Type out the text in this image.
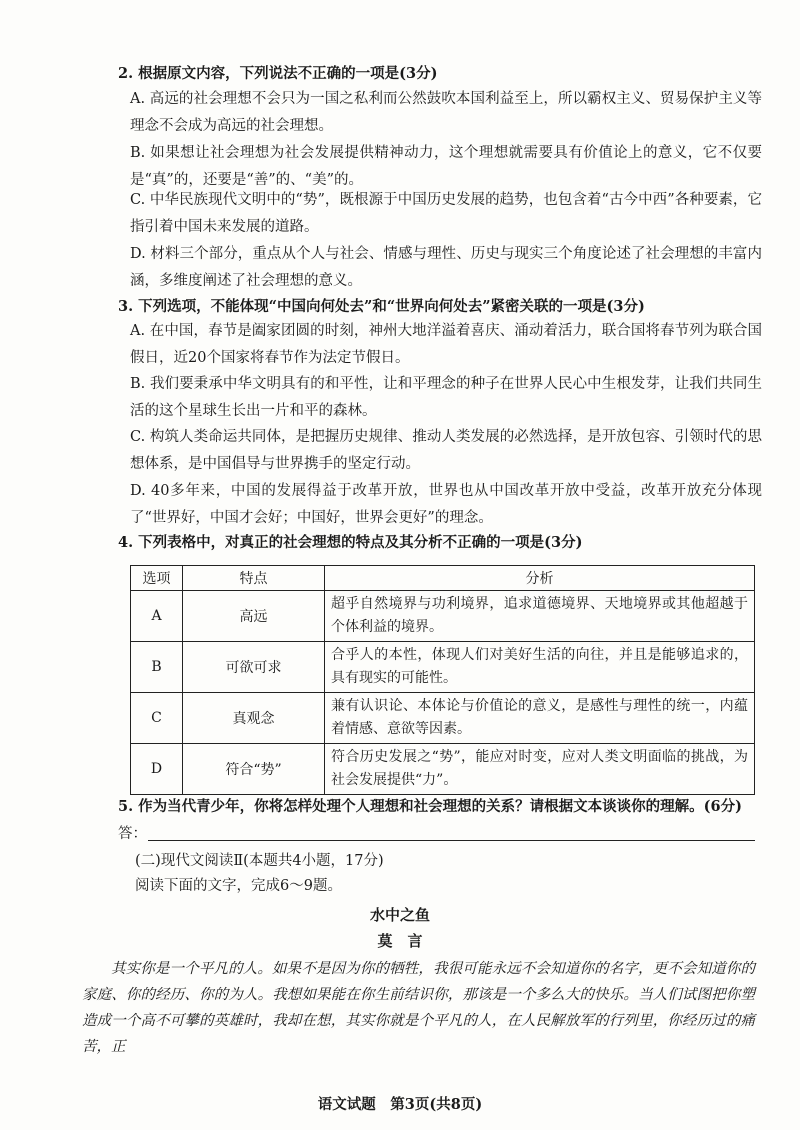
2. 根据原文内容，下列说法不正确的一项是(3分)
A. 高远的社会理想不会只为一国之私利而公然鼓吹本国利益至上，所以霸权主义、贸易保护主义等理念不会成为高远的社会理想。
B. 如果想让社会理想为社会发展提供精神动力，这个理想就需要具有价值论上的意义，它不仅要是“真”的，还要是“善”的、“美”的。
C. 中华民族现代文明中的“势”，既根源于中国历史发展的趋势，也包含着“古今中西”各种要素，它指引着中国未来发展的道路。
D. 材料三个部分，重点从个人与社会、情感与理性、历史与现实三个角度论述了社会理想的丰富内涵，多维度阐述了社会理想的意义。
3. 下列选项，不能体现“中国向何处去”和“世界向何处去”紧密关联的一项是(3分)
A. 在中国，春节是阖家团圆的时刻，神州大地洋溢着喜庆、涌动着活力，联合国将春节列为联合国假日，近20个国家将春节作为法定节假日。
B. 我们要秉承中华文明具有的和平性，让和平理念的种子在世界人民心中生根发芽，让我们共同生活的这个星球生长出一片和平的森林。
C. 构筑人类命运共同体，是把握历史规律、推动人类发展的必然选择，是开放包容、引领时代的思想体系，是中国倡导与世界携手的坚定行动。
D. 40多年来，中国的发展得益于改革开放，世界也从中国改革开放中受益，改革开放充分体现了“世界好，中国才会好；中国好，世界会更好”的理念。
4. 下列表格中，对真正的社会理想的特点及其分析不正确的一项是(3分)
选项	特点	分析
A	高远	超乎自然境界与功利境界，追求道德境界、天地境界或其他超越于个体利益的境界。
B	可欲可求	合乎人的本性，体现人们对美好生活的向往，并且是能够追求的，具有现实的可能性。
C	真观念	兼有认识论、本体论与价值论的意义，是感性与理性的统一，内蕴着情感、意欲等因素。
D	符合“势”	符合历史发展之“势”，能应对时变，应对人类文明面临的挑战，为社会发展提供“力”。
5. 作为当代青少年，你将怎样处理个人理想和社会理想的关系？请根据文本谈谈你的理解。(6分)
答：
(二)现代文阅读Ⅱ(本题共4小题，17分)
阅读下面的文字，完成6～9题。
水中之鱼
莫　言
其实你是一个平凡的人。如果不是因为你的牺牲，我很可能永远不会知道你的名字，更不会知道你的家庭、你的经历、你的为人。我想如果能在你生前结识你，那该是一个多么大的快乐。当人们试图把你塑造成一个高不可攀的英雄时，我却在想，其实你就是个平凡的人，在人民解放军的行列里，你经历过的痛苦，正
语文试题　第3页(共8页)
